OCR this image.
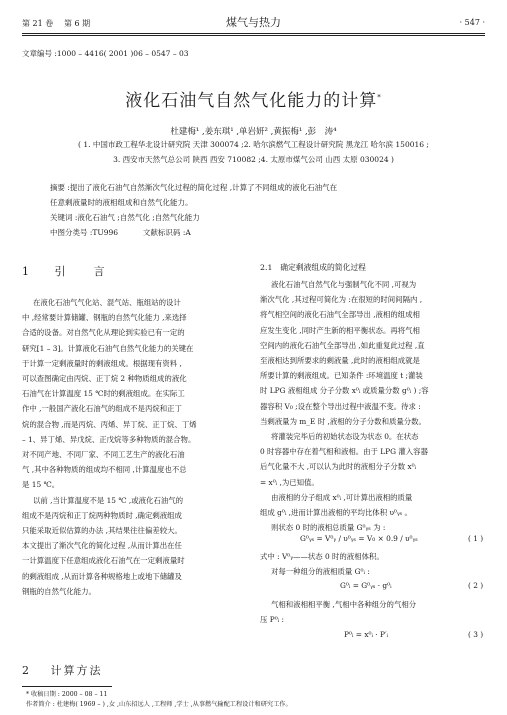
第 21 卷 第 6 期	煤气与热力	· 547 ·
文章编号 :1000 – 4416( 2001 )06 – 0547 – 03
液化石油气自然气化能力的计算*
杜建梅¹ ,姜东琪¹ ,单岩妍² ,黄振梅¹ ,彭　涛⁴
( 1. 中国市政工程华北设计研究院 天津 300074 ;2. 哈尔滨燃气工程设计研究院 黑龙江 哈尔滨 150016 ;
3. 西安市天然气总公司 陕西 西安 710082 ;4. 太原市煤气公司 山西 太原 030024 )
摘要 :提出了液化石油气自然渐次气化过程的简化过程 ,计算了不同组成的液化石油气在
任意剩液量时的液相组成和自然气化能力。
关键词 :液化石油气 ;自然气化 ;自然气化能力
中图分类号 :TU996　　　 文献标识码 :A
1 引　　言

在液化石油气气化站、混气站、瓶组站的设计

中 ,经常要计算储罐、钢瓶的自然气化能力 ,来选择

合适的设备。对自然气化从理论到实验已有一定的

研究[1 – 3]。计算液化石油气自然气化能力的关键在

于计算一定剩液量时的剩液组成。根据现有资料 ,

可以查图确定由丙烷、正丁烷 2 种物质组成的液化

石油气在计算温度 15 ℃时的剩液组成。在实际工

作中 ,一般国产液化石油气的组成不是丙烷和正丁

烷的混合物 ,而是丙烷、丙烯、异丁烷、正丁烷、丁烯

– 1、异丁烯、异戊烷、正戊烷等多种物质的混合物。

对不同产地、不同厂家、不同工艺生产的液化石油

气 ,其中各种物质的组成均不相同 ,计算温度也不总

是 15 ℃。

以前 ,当计算温度不是 15 ℃ ,或液化石油气的

组成不是丙烷和正丁烷两种物质时 ,确定剩液组成

只能采取近似估算的办法 ,其结果往往偏差较大。

本文提出了渐次气化的简化过程 ,从而计算出在任

一计算温度下任意组成液化石油气在一定剩液量时

的剩液组成 ,从而计算各种规格地上或地下储罐及

钢瓶的自然气化能力。

2 计算方法
2.1　确定剩液组成的简化过程

液化石油气自然气化与强制气化不同 ,可视为

渐次气化 ,其过程可简化为 :在很短的时间间隔内 ,

将气相空间的液化石油气全部导出 ,液相的组成相

应发生变化 ,同时产生新的相平衡状态。再将气相

空间内的液化石油气全部导出 ,如此重复此过程 ,直

至液相达到所要求的剩液量 ,此时的液相组成就是

所要计算的剩液组成。已知条件 :环境温度 t ;灌装

时 LPG 液相组成 分子分数 x⁰ᵢ 或质量分数 g⁰ᵢ ) ;容

器容积 V₀ ;设在整个导出过程中液温不变。待求 :

当剩液量为 m_E 时 ,液相的分子分数和质量分数。

将灌装完毕后的初始状态设为状态 0。在状态

0 时容器中存在着气相和液相。由于 LPG 灌入容器

后气化量不大 ,可以认为此时的液相分子分数 x⁰ᵢ

= x⁰ᵢ ,为已知值。

由液相的分子组成 x⁰ᵢ ,可计算出液相的质量

组成 g⁰ᵢ ,进而计算出液相的平均比体积 υ⁰ᵧₛ 。

则状态 0 时的液相总质量 G⁰ᵧₛ 为 :

G⁰ᵧₛ = V⁰ᵧ / υ⁰ᵧₛ = V₀ × 0.9 / υ⁰ᵧₛ	( 1 )

式中 : V⁰ᵧ——状态 0 时的液相体积。

对每一种组分的液相质量 G⁰ᵢ :

G⁰ᵢ = G⁰ᵧₛ · g⁰ᵢ	( 2 )

气相和液相相平衡 ,气相中各种组分的气相分

压 P⁰ᵢ :

P⁰ᵢ = x⁰ᵢ · P′ᵢ	( 3 )
* 收稿日期 : 2000 – 08 – 11
作者简介 : 杜建梅( 1969 – ) ,女 ,山东招远人 ,工程师 ,学士 ,从事燃气输配工程设计和研究工作。
